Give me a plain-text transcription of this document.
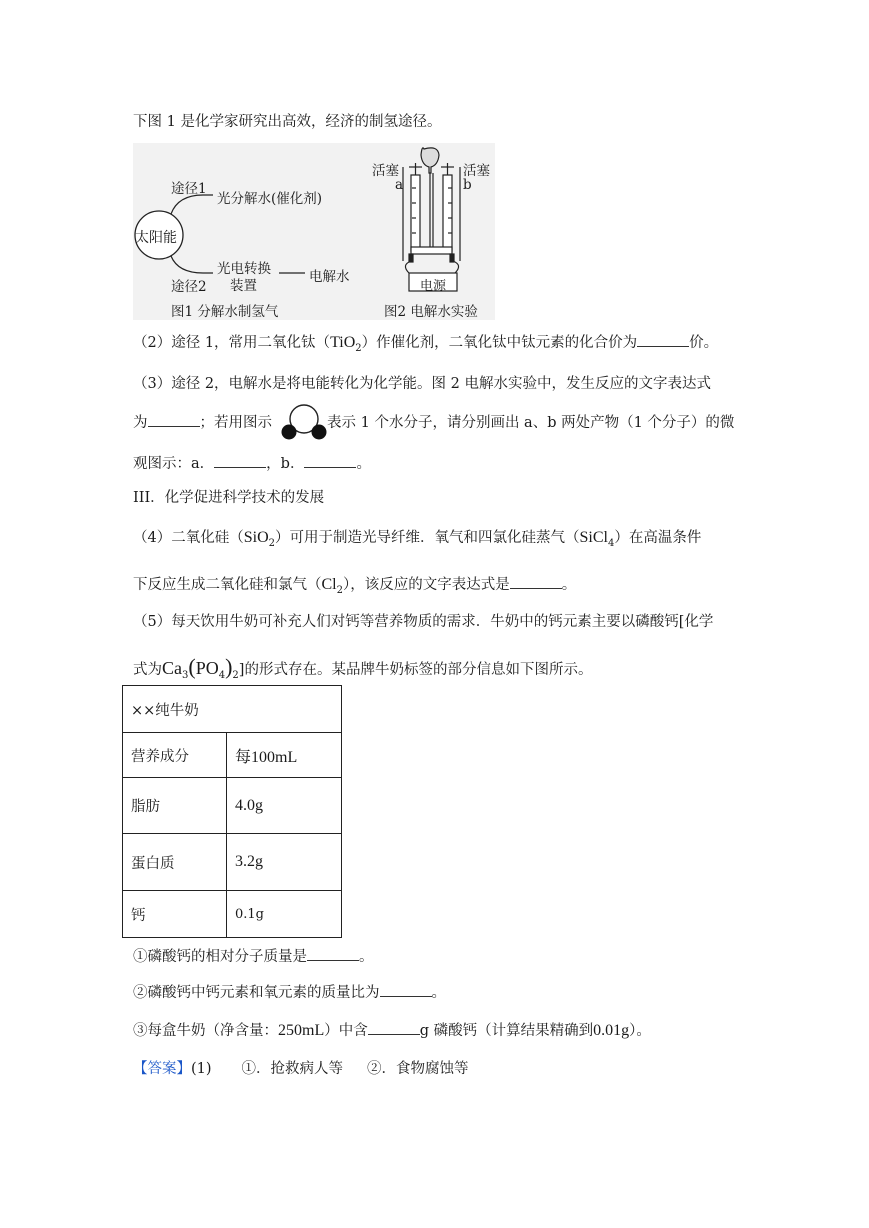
下图 1 是化学家研究出高效，经济的制氢途径。
太阳能
途径1
光分解水(催化剂)
途径2
光电转换
装置
电解水
图1 分解水制氢气
活塞	活塞
a	b
电源
图2 电解水实验
（2）途径 1，常用二氧化钛（TiO$_2$）作催化剂，二氧化钛中钛元素的化合价为	价。
（3）途径 2，电解水是将电能转化为化学能。图 2 电解水实验中，发生反应的文字表达式
为	；若用图示	表示 1 个水分子，请分别画出 a、b 两处产物（1 个分子）的微
观图示：a．	，b．	。
III．化学促进科学技术的发展
（4）二氧化硅（SiO$_2$）可用于制造光导纤维．氧气和四氯化硅蒸气（SiCl$_4$）在高温条件
下反应生成二氧化硅和氯气$(Cl_2)$，该反应的文字表达式是	。
（5）每天饮用牛奶可补充人们对钙等营养物质的需求．牛奶中的钙元素主要以磷酸钙[化学
式为$Ca_3(PO_4)_2$]的形式存在。某品牌牛奶标签的部分信息如下图所示。
××纯牛奶	
营养成分	每100mL
脂肪	4.0g
蛋白质	3.2g
钙	0.1g
①磷酸钙的相对分子质量是	。
②磷酸钙中钙元素和氧元素的质量比为	。
③每盒牛奶（净含量：250mL）中含	g 磷酸钙（计算结果精确到0.01g）。
【答案】(1) ①．抢救病人等 ②．食物腐蚀等
